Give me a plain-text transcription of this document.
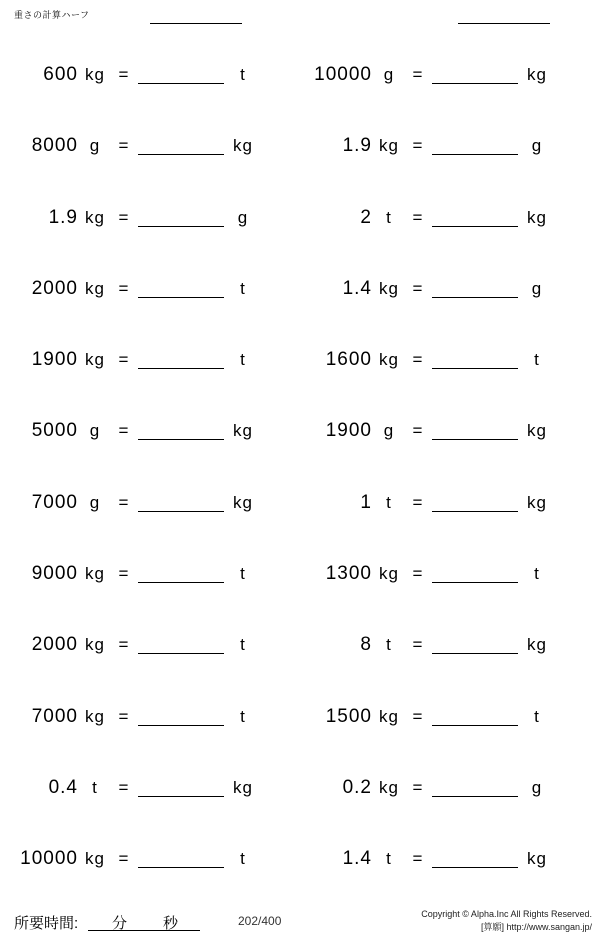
重さの計算ハーフ
600 kg =	t	10000 g	=	kg
8000 g	=	kg	1.9 kg =	g
1.9 kg =	g	2 t	=	kg
2000 kg =	t	1.4 kg =	g
1900 kg =	t	1600 kg =	t
5000 g	=	kg	1900 g	=	kg
7000 g	=	kg	1 t	=	kg
9000 kg =	t	1300 kg =	t
2000 kg =	t	8 t	=	kg
7000 kg =	t	1500 kg =	t
0.4 t	=	kg	0.2 kg =	g
10000 kg =	t	1.4 t	=	kg
所要時間: 分 秒	202/400	Copyright © Alpha.Inc All Rights Reserved.
[算願] http://www.sangan.jp/
